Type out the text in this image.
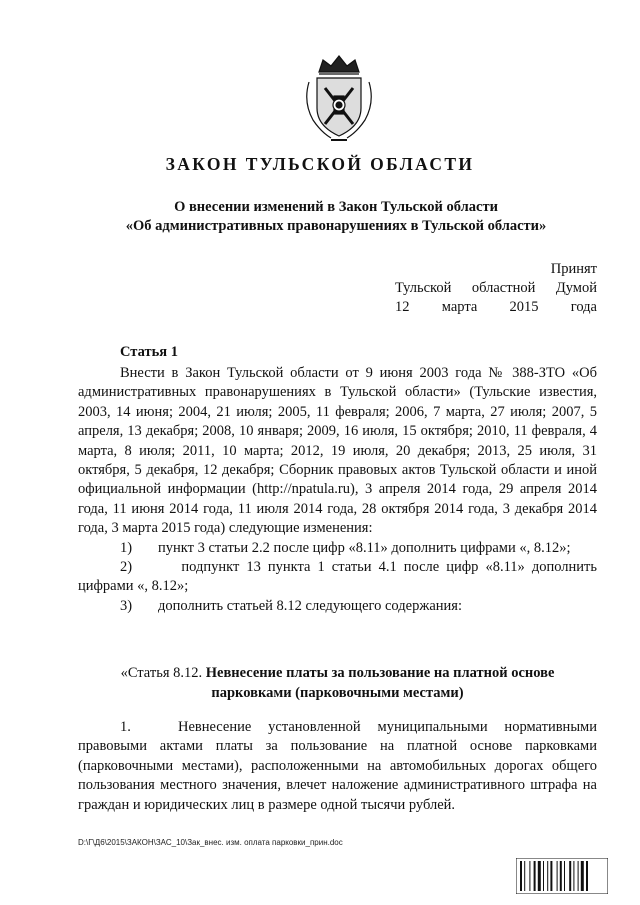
ЗАКОН ТУЛЬСКОЙ ОБЛАСТИ
О внесении изменений в Закон Тульской области
«Об административных правонарушениях в Тульской области»
Принят
Тульской областной Думой
12 марта 2015 года
Статья 1

Внести в Закон Тульской области от 9 июня 2003 года № 388-ЗТО «Об административных правонарушениях в Тульской области» (Тульские известия, 2003, 14 июня; 2004, 21 июля; 2005, 11 февраля; 2006, 7 марта, 27 июля; 2007, 5 апреля, 13 декабря; 2008, 10 января; 2009, 16 июля, 15 октября; 2010, 11 февраля, 4 марта, 8 июля; 2011, 10 марта; 2012, 19 июля, 20 декабря; 2013, 25 июля, 31 октября, 5 декабря, 12 декабря; Сборник правовых актов Тульской области и иной официальной информации (http://npatula.ru), 3 апреля 2014 года, 29 апреля 2014 года, 11 июня 2014 года, 11 июля 2014 года, 28 октября 2014 года, 3 декабря 2014 года, 3 марта 2015 года) следующие изменения:

1)	пункт 3 статьи 2.2 после цифр «8.11» дополнить цифрами «, 8.12»;

2)	подпункт 13 пункта 1 статьи 4.1 после цифр «8.11» дополнить цифрами «, 8.12»;

3)	дополнить статьей 8.12 следующего содержания:
«Статья 8.12. Невнесение платы за пользование на платной основе
парковками (парковочными местами)
1.	Невнесение установленной муниципальными нормативными правовыми актами платы за пользование на платной основе парковками (парковочными местами), расположенными на автомобильных дорогах общего пользования местного значения, влечет наложение административного штрафа на граждан и юридических лиц в размере одной тысячи рублей.
D:\Г\Д6\2015\ЗАКОН\ЗАС_10\Зак_внес. изм. оплата парковки_прин.doc
